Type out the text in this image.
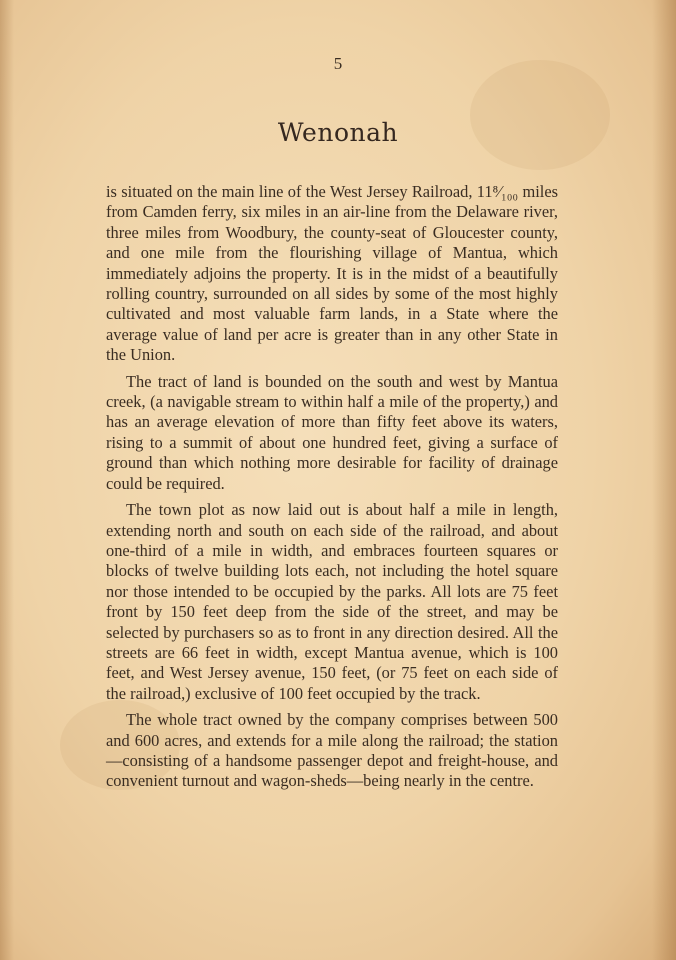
5
Wenonah

is situated on the main line of the West Jersey Railroad, 11⁸⁄₁₀₀ miles from Camden ferry, six miles in an air-line from the Delaware river, three miles from Woodbury, the county-seat of Gloucester county, and one mile from the flourishing village of Mantua, which immediately adjoins the property. It is in the midst of a beautifully rolling country, surrounded on all sides by some of the most highly cultivated and most valuable farm lands, in a State where the average value of land per acre is greater than in any other State in the Union.

The tract of land is bounded on the south and west by Mantua creek, (a navigable stream to within half a mile of the property,) and has an average elevation of more than fifty feet above its waters, rising to a summit of about one hundred feet, giving a surface of ground than which nothing more desirable for facility of drainage could be required.

The town plot as now laid out is about half a mile in length, extending north and south on each side of the railroad, and about one-third of a mile in width, and embraces fourteen squares or blocks of twelve building lots each, not including the hotel square nor those intended to be occupied by the parks. All lots are 75 feet front by 150 feet deep from the side of the street, and may be selected by purchasers so as to front in any direction desired. All the streets are 66 feet in width, except Mantua avenue, which is 100 feet, and West Jersey avenue, 150 feet, (or 75 feet on each side of the railroad,) exclusive of 100 feet occupied by the track.

The whole tract owned by the company comprises between 500 and 600 acres, and extends for a mile along the railroad; the station—consisting of a handsome passenger depot and freight-house, and convenient turnout and wagon-sheds—being nearly in the centre.
